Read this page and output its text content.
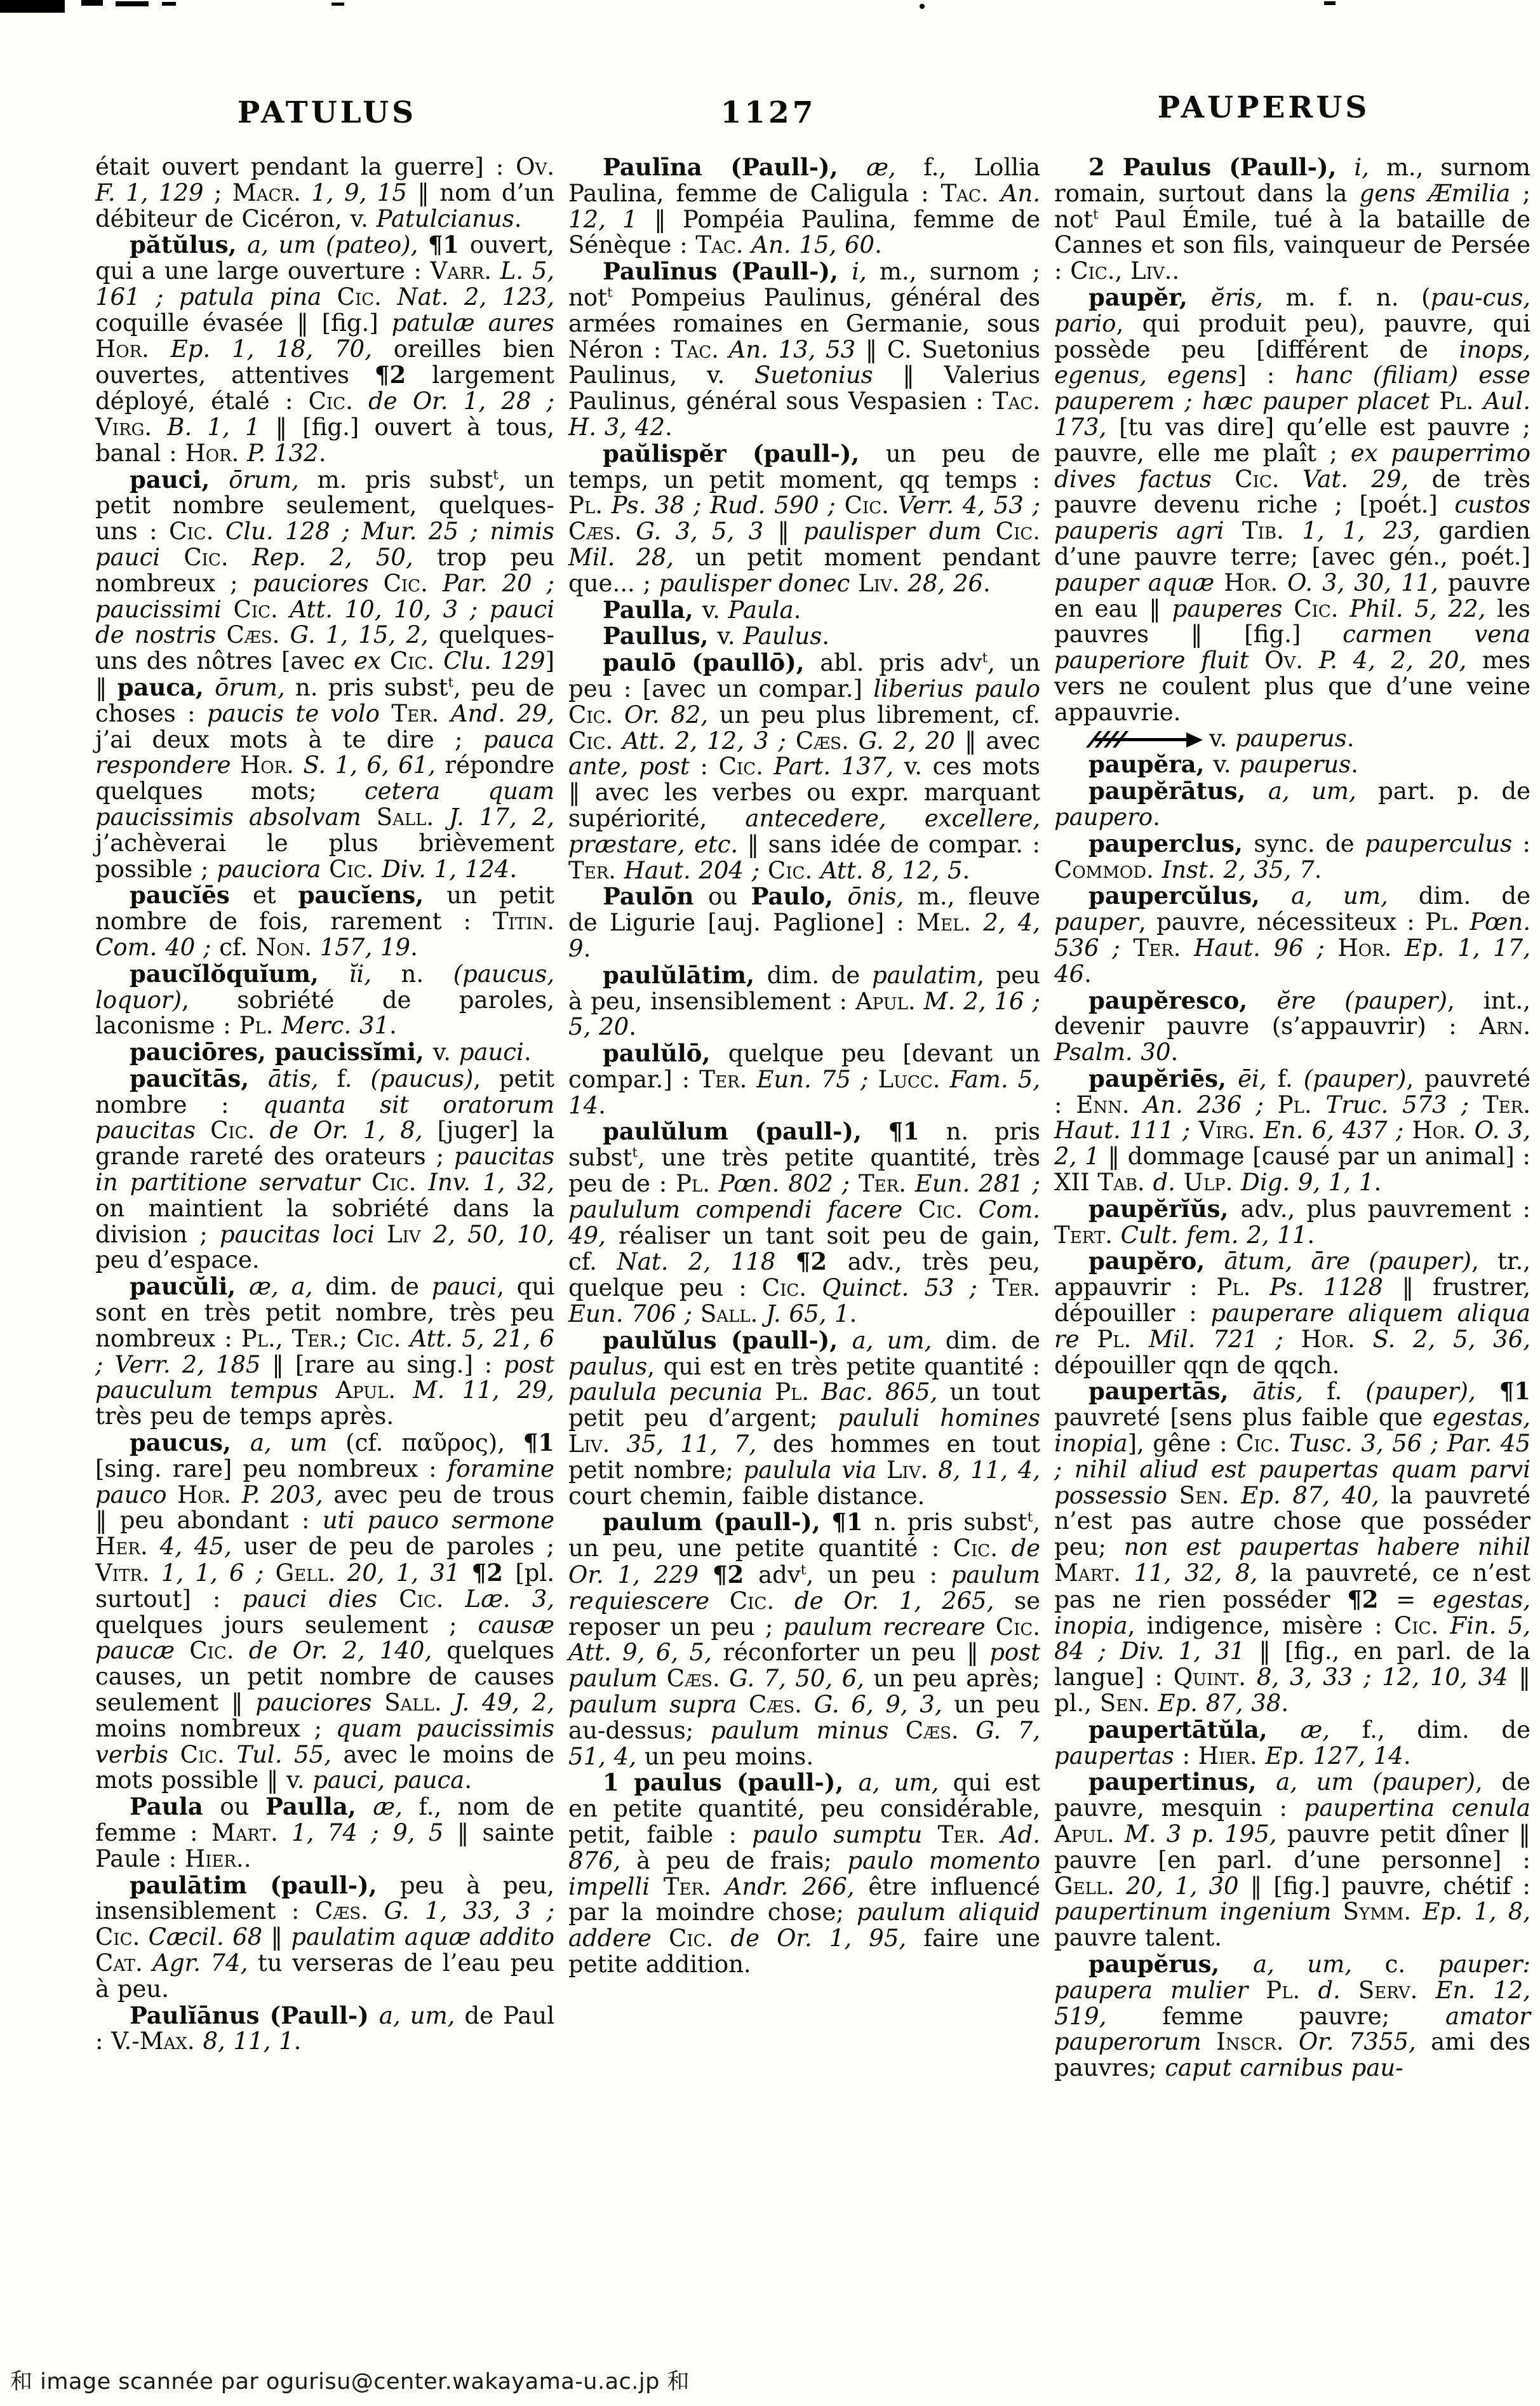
PATULUS	1127	PAUPERUS

était ouvert pendant la guerre] : Ov. F. 1, 129 ; Macr. 1, 9, 15 ‖ nom d’un débiteur de Cicéron, v. Patulcianus.

pătŭlus, a, um (pateo), ¶1 ouvert, qui a une large ouverture : Varr. L. 5, 161 ; patula pina Cic. Nat. 2, 123, coquille évasée ‖ [fig.] patulæ aures Hor. Ep. 1, 18, 70, oreilles bien ouvertes, attentives ¶2 largement déployé, étalé : Cic. de Or. 1, 28 ; Virg. B. 1, 1 ‖ [fig.] ouvert à tous, banal : Hor. P. 132.

pauci, ōrum, m. pris subst$^t$, un petit nombre seulement, quelques-uns : Cic. Clu. 128 ; Mur. 25 ; nimis pauci Cic. Rep. 2, 50, trop peu nombreux ; pauciores Cic. Par. 20 ; paucissimi Cic. Att. 10, 10, 3 ; pauci de nostris Cæs. G. 1, 15, 2, quelques-uns des nôtres [avec ex Cic. Clu. 129] ‖ pauca, ōrum, n. pris subst$^t$, peu de choses : paucis te volo Ter. And. 29, j’ai deux mots à te dire ; pauca respondere Hor. S. 1, 6, 61, répondre quelques mots; cetera quam paucissimis absolvam Sall. J. 17, 2, j’achèverai le plus brièvement possible ; pauciora Cic. Div. 1, 124.

paucĭēs et paucĭens, un petit nombre de fois, rarement : Titin. Com. 40 ; cf. Non. 157, 19.

paucĭlŏquĭum, ĭi, n. (paucus, loquor), sobriété de paroles, laconisme : Pl. Merc. 31.

pauciōres, paucissĭmi, v. pauci.

paucĭtās, ātis, f. (paucus), petit nombre : quanta sit oratorum paucitas Cic. de Or. 1, 8, [juger] la grande rareté des orateurs ; paucitas in partitione servatur Cic. Inv. 1, 32, on maintient la sobriété dans la division ; paucitas loci Liv 2, 50, 10, peu d’espace.

paucŭli, æ, a, dim. de pauci, qui sont en très petit nombre, très peu nombreux : Pl., Ter.; Cic. Att. 5, 21, 6 ; Verr. 2, 185 ‖ [rare au sing.] : post pauculum tempus Apul. M. 11, 29, très peu de temps après.

paucus, a, um (cf. παῦρος), ¶1 [sing. rare] peu nombreux : foramine pauco Hor. P. 203, avec peu de trous ‖ peu abondant : uti pauco sermone Her. 4, 45, user de peu de paroles ; Vitr. 1, 1, 6 ; Gell. 20, 1, 31 ¶2 [pl. surtout] : pauci dies Cic. Læ. 3, quelques jours seulement ; causæ paucæ Cic. de Or. 2, 140, quelques causes, un petit nombre de causes seulement ‖ pauciores Sall. J. 49, 2, moins nombreux ; quam paucissimis verbis Cic. Tul. 55, avec le moins de mots possible ‖ v. pauci, pauca.

Paula ou Paulla, æ, f., nom de femme : Mart. 1, 74 ; 9, 5 ‖ sainte Paule : Hier..

paulātim (paull-), peu à peu, insensiblement : Cæs. G. 1, 33, 3 ; Cic. Cæcil. 68 ‖ paulatim aquæ addito Cat. Agr. 74, tu verseras de l’eau peu à peu.

Paulĭānus (Paull-) a, um, de Paul : V.-Max. 8, 11, 1.

Paulīna (Paull-), æ, f., Lollia Paulina, femme de Caligula : Tac. An. 12, 1 ‖ Pompéia Paulina, femme de Sénèque : Tac. An. 15, 60.

Paulīnus (Paull-), i, m., surnom ; not$^t$ Pompeius Paulinus, général des armées romaines en Germanie, sous Néron : Tac. An. 13, 53 ‖ C. Suetonius Paulinus, v. Suetonius ‖ Valerius Paulinus, général sous Vespasien : Tac. H. 3, 42.

paŭlispĕr (paull-), un peu de temps, un petit moment, qq temps : Pl. Ps. 38 ; Rud. 590 ; Cic. Verr. 4, 53 ; Cæs. G. 3, 5, 3 ‖ paulisper dum Cic. Mil. 28, un petit moment pendant que... ; paulisper donec Liv. 28, 26.

Paulla, v. Paula.

Paullus, v. Paulus.

paulō (paullō), abl. pris adv$^t$, un peu : [avec un compar.] liberius paulo Cic. Or. 82, un peu plus librement, cf. Cic. Att. 2, 12, 3 ; Cæs. G. 2, 20 ‖ avec ante, post : Cic. Part. 137, v. ces mots ‖ avec les verbes ou expr. marquant supériorité, antecedere, excellere, præstare, etc. ‖ sans idée de compar. : Ter. Haut. 204 ; Cic. Att. 8, 12, 5.

Paulōn ou Paulo, ōnis, m., fleuve de Ligurie [auj. Paglione] : Mel. 2, 4, 9.

paulŭlātim, dim. de paulatim, peu à peu, insensiblement : Apul. M. 2, 16 ; 5, 20.

paulŭlō, quelque peu [devant un compar.] : Ter. Eun. 75 ; Lucc. Fam. 5, 14.

paulŭlum (paull-), ¶1 n. pris subst$^t$, une très petite quantité, très peu de : Pl. Pœn. 802 ; Ter. Eun. 281 ; paululum compendi facere Cic. Com. 49, réaliser un tant soit peu de gain, cf. Nat. 2, 118 ¶2 adv., très peu, quelque peu : Cic. Quinct. 53 ; Ter. Eun. 706 ; Sall. J. 65, 1.

paulŭlus (paull-), a, um, dim. de paulus, qui est en très petite quantité : paulula pecunia Pl. Bac. 865, un tout petit peu d’argent; paululi homines Liv. 35, 11, 7, des hommes en tout petit nombre; paulula via Liv. 8, 11, 4, court chemin, faible distance.

paulum (paull-), ¶1 n. pris subst$^t$, un peu, une petite quantité : Cic. de Or. 1, 229 ¶2 adv$^t$, un peu : paulum requiescere Cic. de Or. 1, 265, se reposer un peu ; paulum recreare Cic. Att. 9, 6, 5, réconforter un peu ‖ post paulum Cæs. G. 7, 50, 6, un peu après; paulum supra Cæs. G. 6, 9, 3, un peu au-dessus; paulum minus Cæs. G. 7, 51, 4, un peu moins.

1 paulus (paull-), a, um, qui est en petite quantité, peu considérable, petit, faible : paulo sumptu Ter. Ad. 876, à peu de frais; paulo momento impelli Ter. Andr. 266, être influencé par la moindre chose; paulum aliquid addere Cic. de Or. 1, 95, faire une petite addition.

2 Paulus (Paull-), i, m., surnom romain, surtout dans la gens Æmilia ; not$^t$ Paul Émile, tué à la bataille de Cannes et son fils, vainqueur de Persée : Cic., Liv..

paupĕr, ĕris, m. f. n. (pau-cus, pario, qui produit peu), pauvre, qui possède peu [différent de inops, egenus, egens] : hanc (filiam) esse pauperem ; hæc pauper placet Pl. Aul. 173, [tu vas dire] qu’elle est pauvre ; pauvre, elle me plaît ; ex pauperrimo dives factus Cic. Vat. 29, de très pauvre devenu riche ; [poét.] custos pauperis agri Tib. 1, 1, 23, gardien d’une pauvre terre; [avec gén., poét.] pauper aquæ Hor. O. 3, 30, 11, pauvre en eau ‖ pauperes Cic. Phil. 5, 22, les pauvres ‖ [fig.] carmen vena pauperiore fluit Ov. P. 4, 2, 20, mes vers ne coulent plus que d’une veine appauvrie.

v. pauperus.

paupĕra, v. pauperus.

paupĕrātus, a, um, part. p. de paupero.

pauperclus, sync. de pauperculus : Commod. Inst. 2, 35, 7.

paupercŭlus, a, um, dim. de pauper, pauvre, nécessiteux : Pl. Pœn. 536 ; Ter. Haut. 96 ; Hor. Ep. 1, 17, 46.

paupĕresco, ĕre (pauper), int., devenir pauvre (s’appauvrir) : Arn. Psalm. 30.

paupĕriēs, ēi, f. (pauper), pauvreté : Enn. An. 236 ; Pl. Truc. 573 ; Ter. Haut. 111 ; Virg. En. 6, 437 ; Hor. O. 3, 2, 1 ‖ dommage [causé par un animal] : XII Tab. d. Ulp. Dig. 9, 1, 1.

paupĕrĭŭs, adv., plus pauvrement : Tert. Cult. fem. 2, 11.

paupĕro, ātum, āre (pauper), tr., appauvrir : Pl. Ps. 1128 ‖ frustrer, dépouiller : pauperare aliquem aliqua re Pl. Mil. 721 ; Hor. S. 2, 5, 36, dépouiller qqn de qqch.

paupertās, ātis, f. (pauper), ¶1 pauvreté [sens plus faible que egestas, inopia], gêne : Cic. Tusc. 3, 56 ; Par. 45 ; nihil aliud est paupertas quam parvi possessio Sen. Ep. 87, 40, la pauvreté n’est pas autre chose que posséder peu; non est paupertas habere nihil Mart. 11, 32, 8, la pauvreté, ce n’est pas ne rien posséder ¶2 = egestas, inopia, indigence, misère : Cic. Fin. 5, 84 ; Div. 1, 31 ‖ [fig., en parl. de la langue] : Quint. 8, 3, 33 ; 12, 10, 34 ‖ pl., Sen. Ep. 87, 38.

paupertātŭla, æ, f., dim. de paupertas : Hier. Ep. 127, 14.

paupertinus, a, um (pauper), de pauvre, mesquin : paupertina cenula Apul. M. 3 p. 195, pauvre petit dîner ‖ pauvre [en parl. d’une personne] : Gell. 20, 1, 30 ‖ [fig.] pauvre, chétif : paupertinum ingenium Symm. Ep. 1, 8, pauvre talent.

paupĕrus, a, um, c. pauper: paupera mulier Pl. d. Serv. En. 12, 519, femme pauvre; amator pauperorum Inscr. Or. 7355, ami des pauvres; caput carnibus pau-

和 image scannée par ogurisu@center.wakayama-u.ac.jp 和
